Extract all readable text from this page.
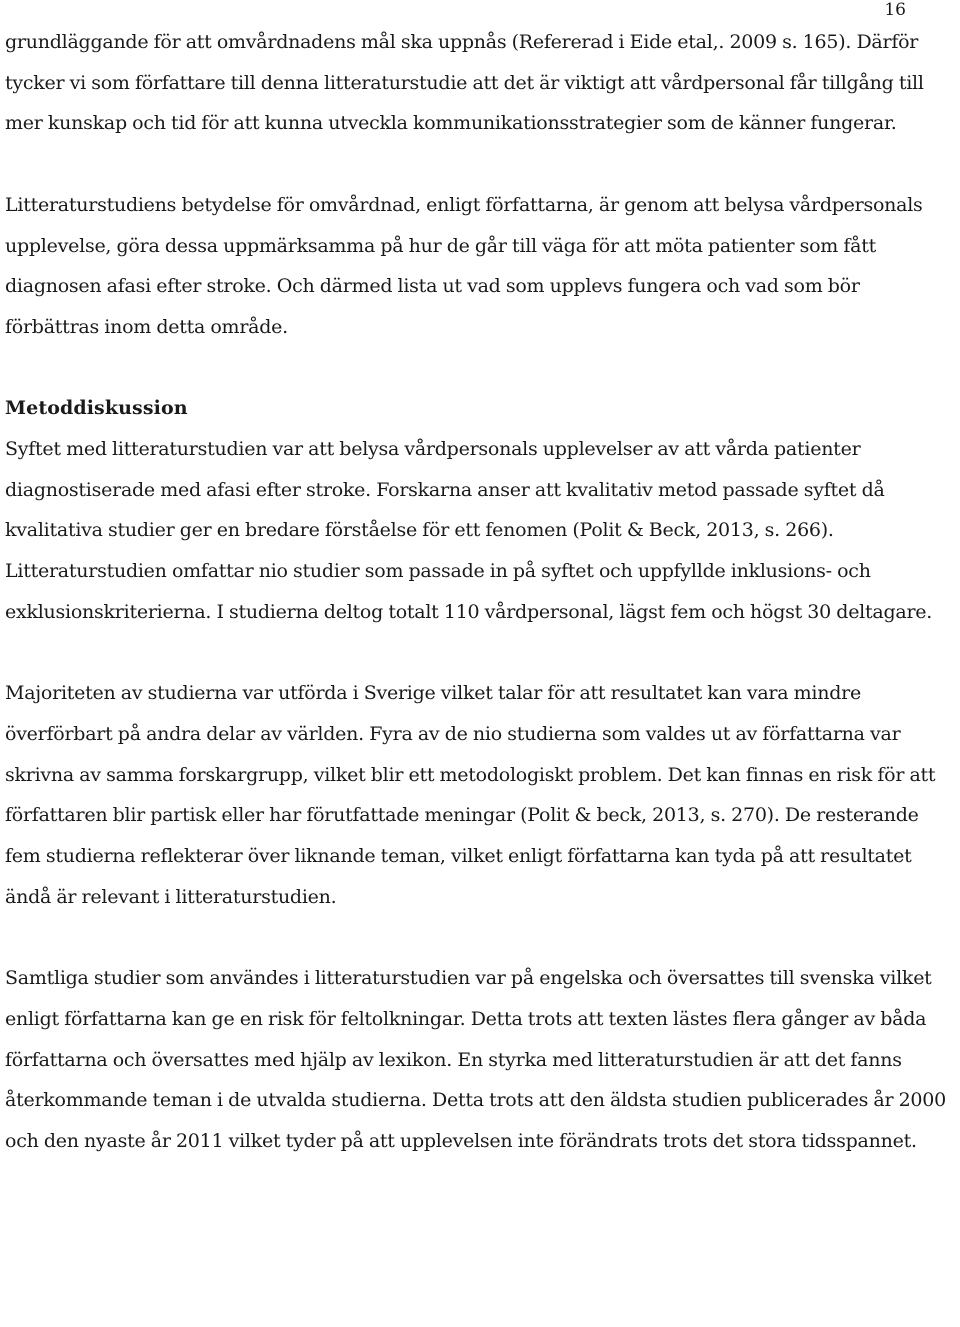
16

grundläggande för att omvårdnadens mål ska uppnås (Refererad i Eide etal,. 2009 s. 165). Därför tycker vi som författare till denna litteraturstudie att det är viktigt att vårdpersonal får tillgång till mer kunskap och tid för att kunna utveckla kommunikationsstrategier som de känner fungerar.

Litteraturstudiens betydelse för omvårdnad, enligt författarna, är genom att belysa vårdpersonals upplevelse, göra dessa uppmärksamma på hur de går till väga för att möta patienter som fått diagnosen afasi efter stroke. Och därmed lista ut vad som upplevs fungera och vad som bör förbättras inom detta område.

Metoddiskussion

Syftet med litteraturstudien var att belysa vårdpersonals upplevelser av att vårda patienter diagnostiserade med afasi efter stroke. Forskarna anser att kvalitativ metod passade syftet då kvalitativa studier ger en bredare förståelse för ett fenomen (Polit & Beck, 2013, s. 266). Litteraturstudien omfattar nio studier som passade in på syftet och uppfyllde inklusions- och exklusionskriterierna. I studierna deltog totalt 110 vårdpersonal, lägst fem och högst 30 deltagare.

Majoriteten av studierna var utförda i Sverige vilket talar för att resultatet kan vara mindre överförbart på andra delar av världen. Fyra av de nio studierna som valdes ut av författarna var skrivna av samma forskargrupp, vilket blir ett metodologiskt problem. Det kan finnas en risk för att författaren blir partisk eller har förutfattade meningar (Polit & beck, 2013, s. 270). De resterande fem studierna reflekterar över liknande teman, vilket enligt författarna kan tyda på att resultatet ändå är relevant i litteraturstudien.

Samtliga studier som användes i litteraturstudien var på engelska och översattes till svenska vilket enligt författarna kan ge en risk för feltolkningar. Detta trots att texten lästes flera gånger av båda författarna och översattes med hjälp av lexikon. En styrka med litteraturstudien är att det fanns återkommande teman i de utvalda studierna. Detta trots att den äldsta studien publicerades år 2000 och den nyaste år 2011 vilket tyder på att upplevelsen inte förändrats trots det stora tidsspannet.
